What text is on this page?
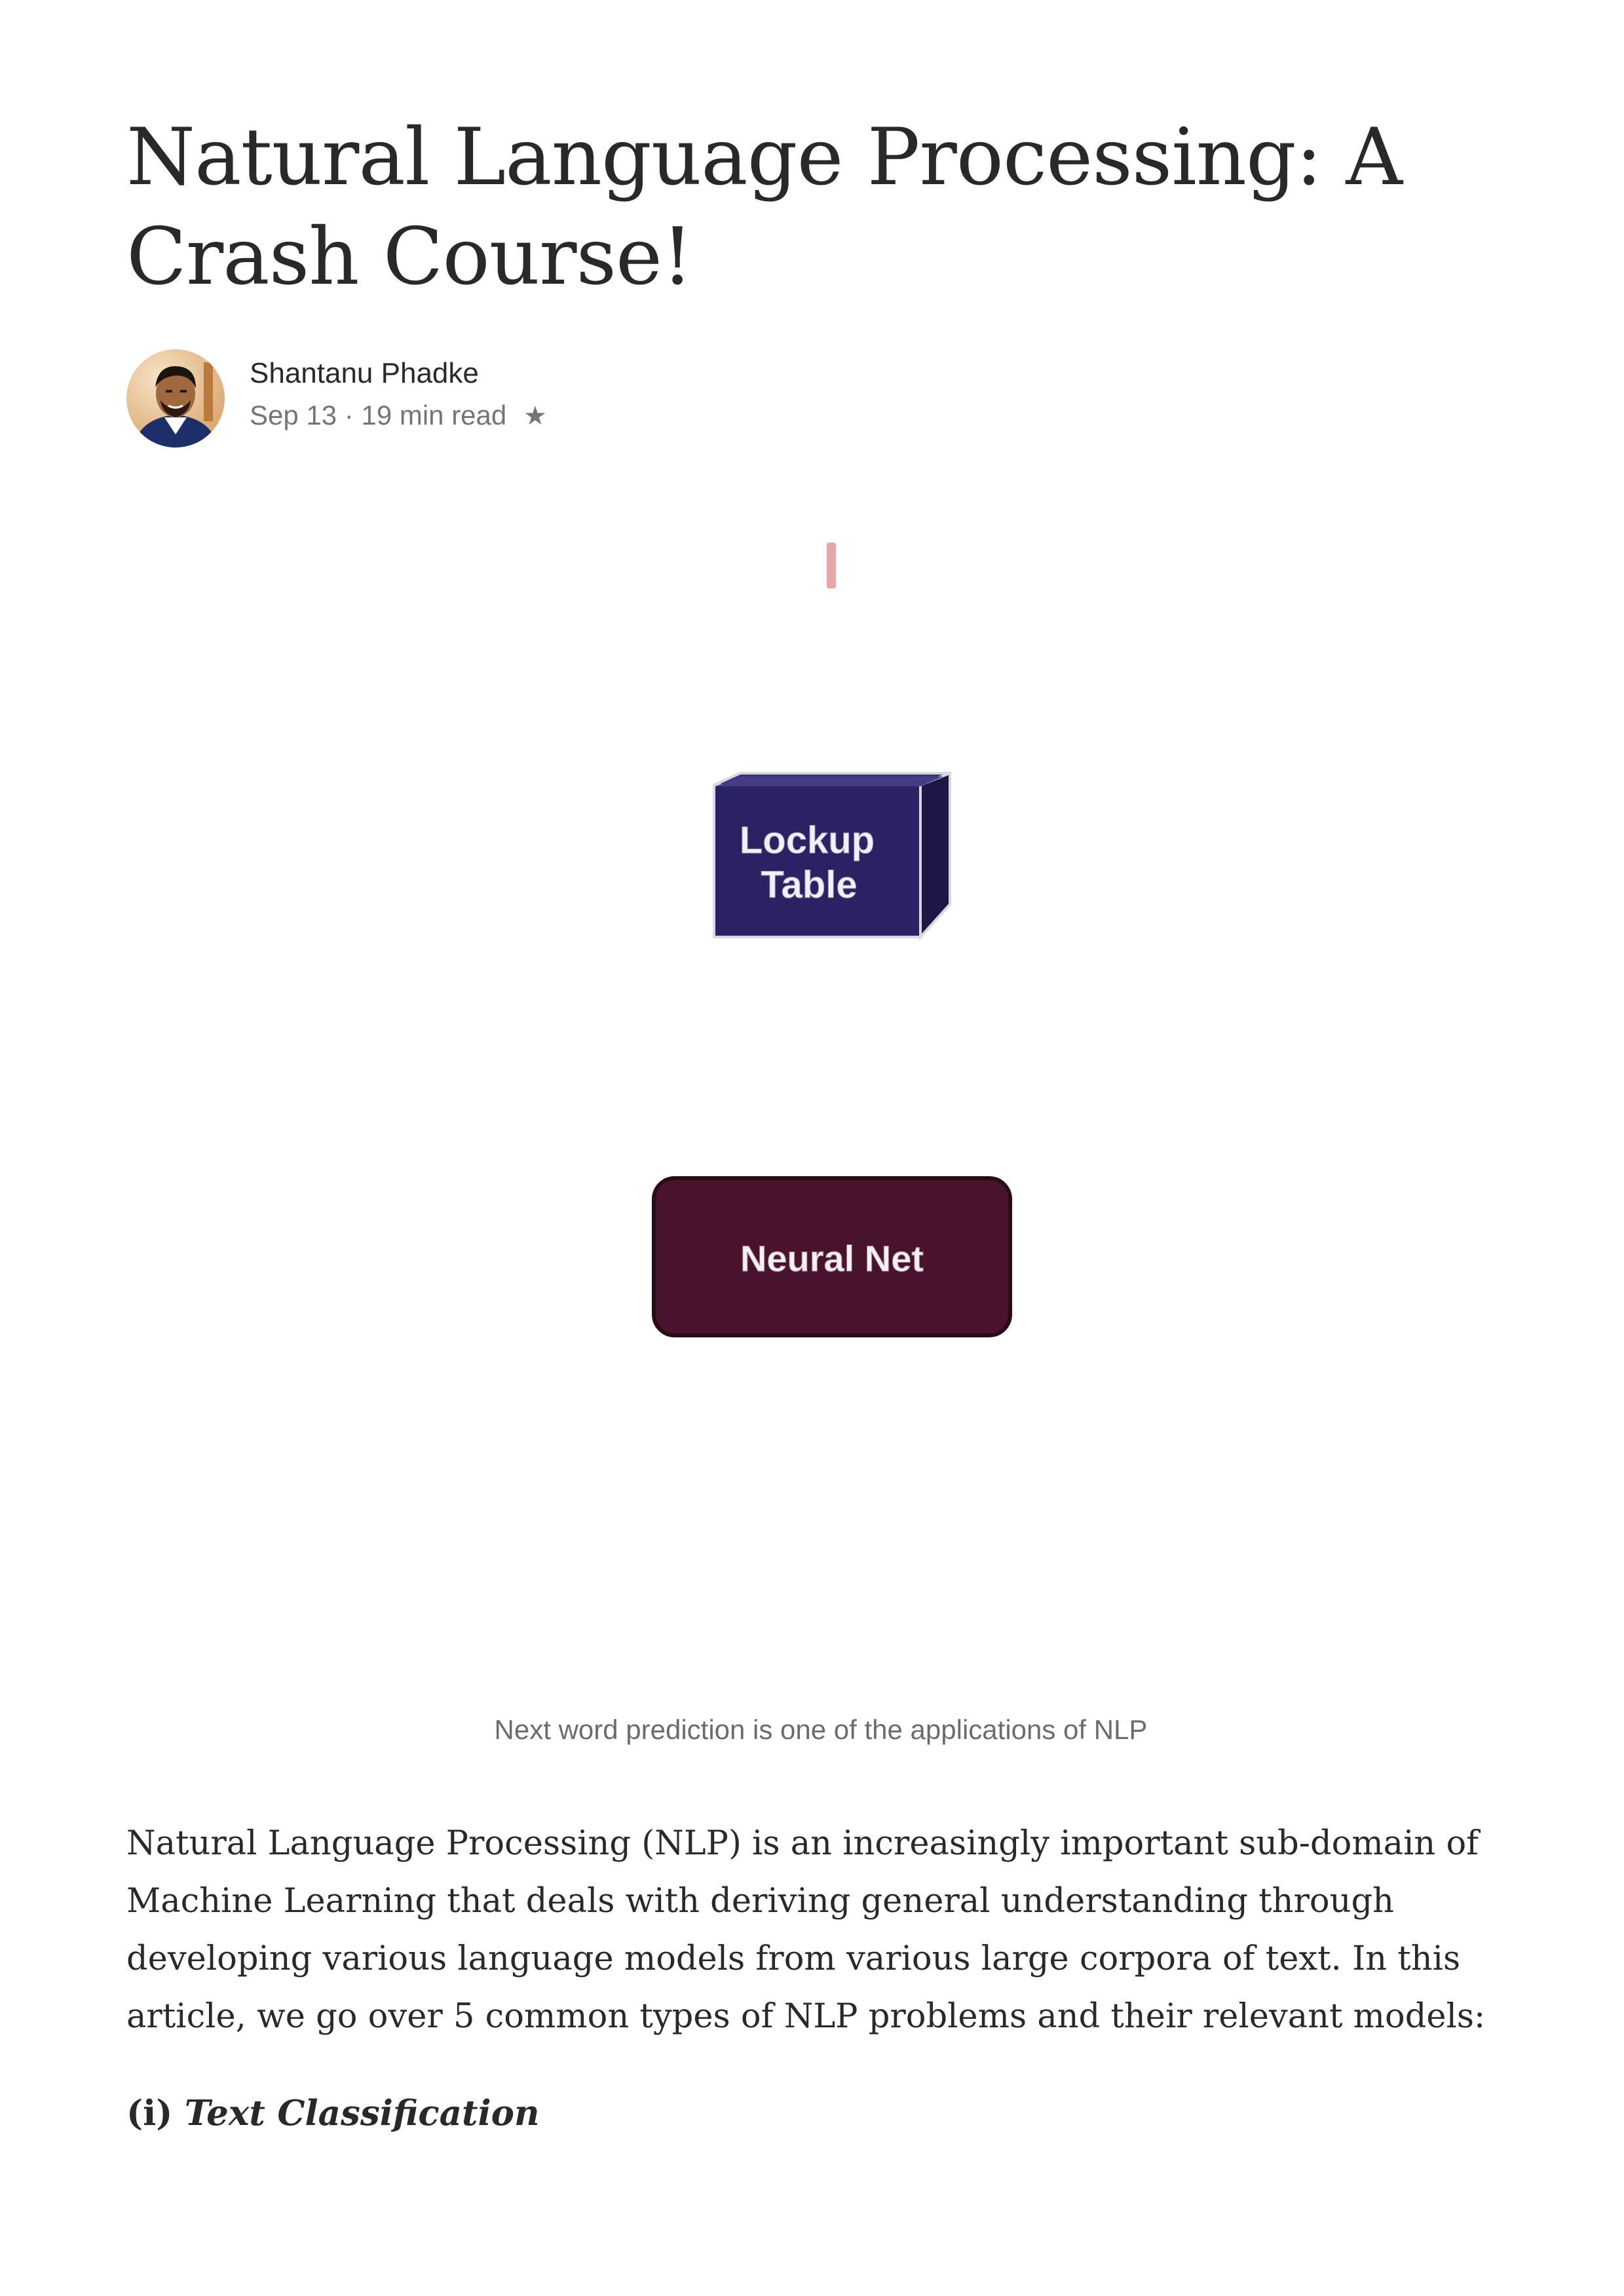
Natural Language Processing: A Crash Course!
Shantanu Phadke
Sep 13 · 19 min read ★
Lockup
Table
Neural Net
Next word prediction is one of the applications of NLP

Natural Language Processing (NLP) is an increasingly important sub-domain of Machine Learning that deals with deriving general understanding through developing various language models from various large corpora of text. In this article, we go over 5 common types of NLP problems and their relevant models:

(i) Text Classification
